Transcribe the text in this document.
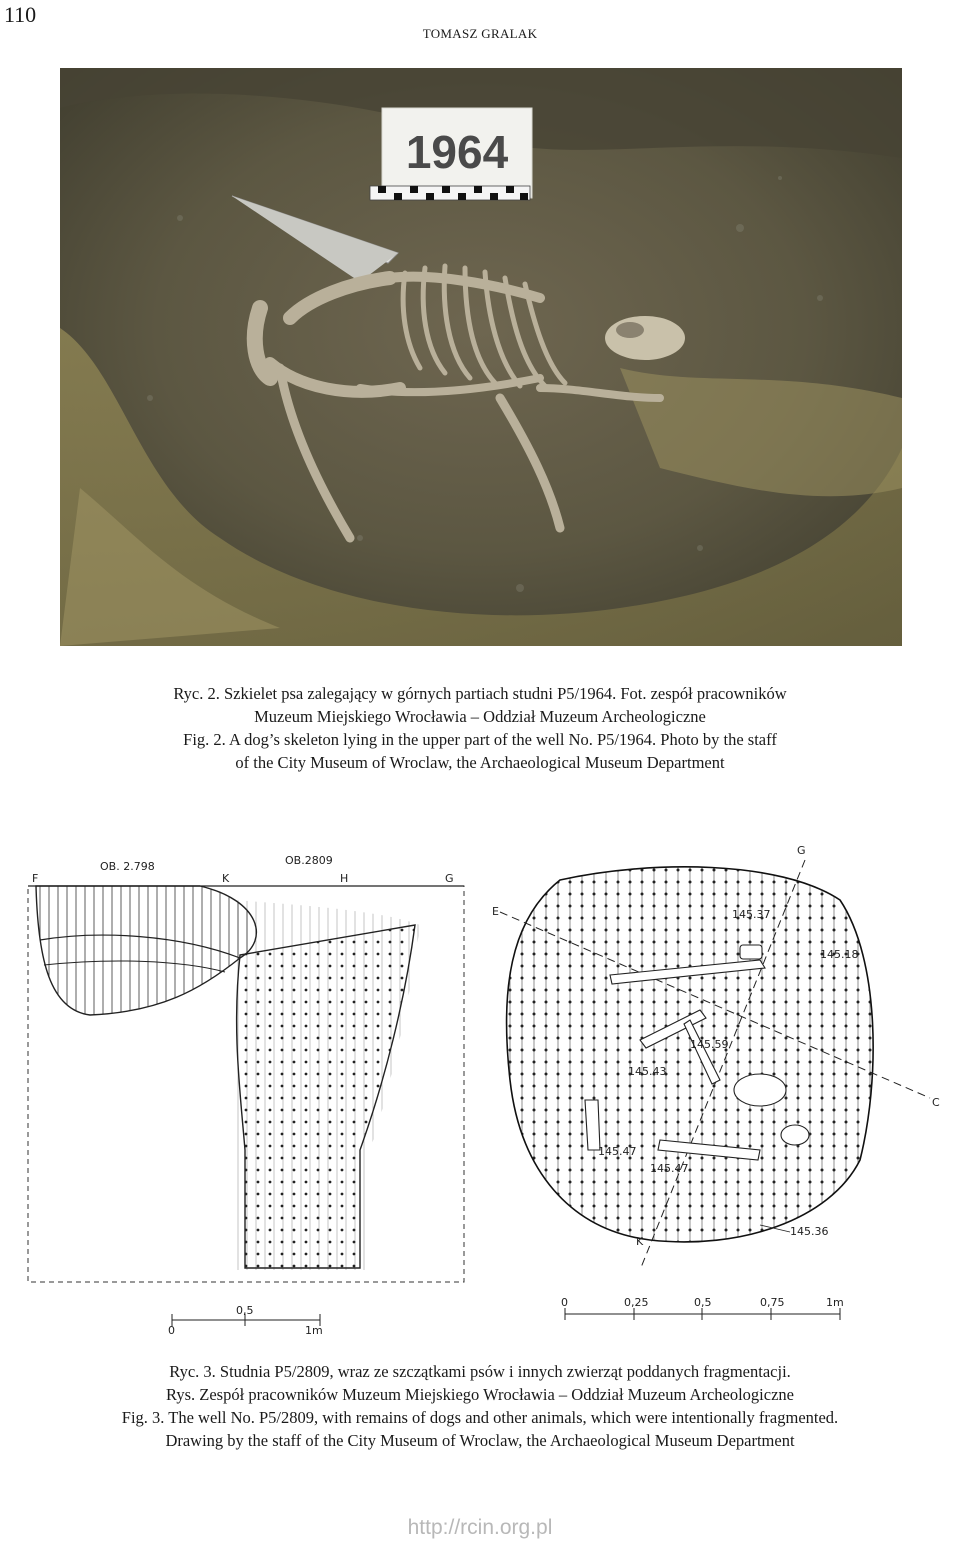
110
TOMASZ GRALAK
1964
Ryc. 2. Szkielet psa zalegający w górnych partiach studni P5/1964. Fot. zespół pracowników
Muzeum Miejskiego Wrocławia – Oddział Muzeum Archeologiczne
Fig. 2. A dog’s skeleton lying in the upper part of the well No. P5/1964. Photo by the staff
of the City Museum of Wroclaw, the Archaeological Museum Department
F	K	H	G
OB. 2.798	OB.2809
G
E
C
K
145.37
145.18
145.43
145.47
145.59
145.47
145.36
0
0,5
1m
0	0,25	0,5	0,75	1m
Ryc. 3. Studnia P5/2809, wraz ze szczątkami psów i innych zwierząt poddanych fragmentacji.
Rys. Zespół pracowników Muzeum Miejskiego Wrocławia – Oddział Muzeum Archeologiczne
Fig. 3. The well No. P5/2809, with remains of dogs and other animals, which were intentionally fragmented.
Drawing by the staff of the City Museum of Wroclaw, the Archaeological Museum Department
http://rcin.org.pl
